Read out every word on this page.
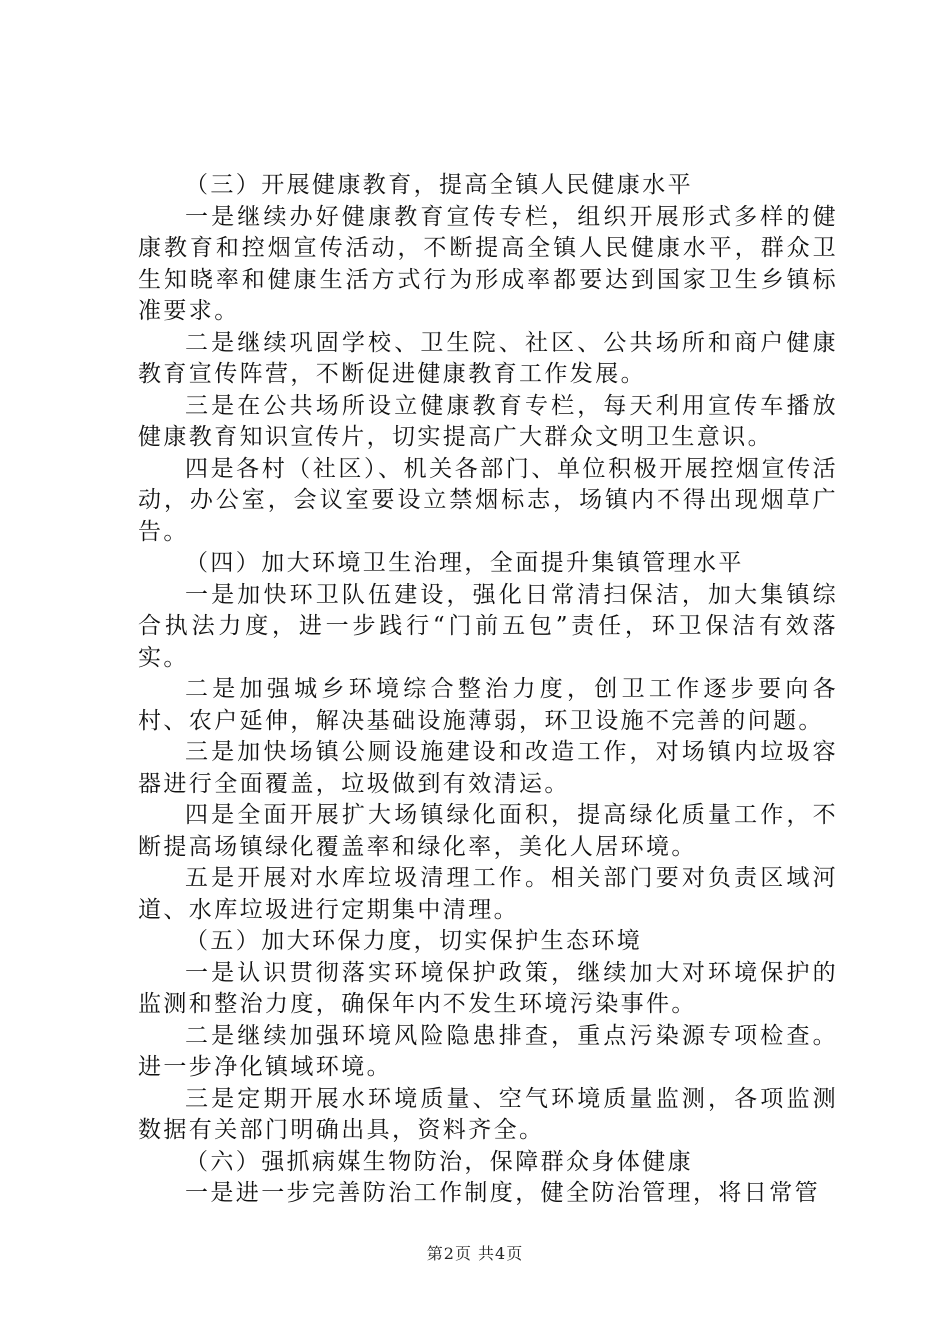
（三）开展健康教育，提高全镇人民健康水平

一是继续办好健康教育宣传专栏，组织开展形式多样的健康教育和控烟宣传活动，不断提高全镇人民健康水平，群众卫生知晓率和健康生活方式行为形成率都要达到国家卫生乡镇标准要求。

二是继续巩固学校、卫生院、社区、公共场所和商户健康教育宣传阵营，不断促进健康教育工作发展。

三是在公共场所设立健康教育专栏，每天利用宣传车播放健康教育知识宣传片，切实提高广大群众文明卫生意识。

四是各村（社区）、机关各部门、单位积极开展控烟宣传活动，办公室，会议室要设立禁烟标志，场镇内不得出现烟草广告。

（四）加大环境卫生治理，全面提升集镇管理水平

一是加快环卫队伍建设，强化日常清扫保洁，加大集镇综合执法力度，进一步践行“门前五包”责任，环卫保洁有效落实。

二是加强城乡环境综合整治力度，创卫工作逐步要向各村、农户延伸，解决基础设施薄弱，环卫设施不完善的问题。

三是加快场镇公厕设施建设和改造工作，对场镇内垃圾容器进行全面覆盖，垃圾做到有效清运。

四是全面开展扩大场镇绿化面积，提高绿化质量工作，不断提高场镇绿化覆盖率和绿化率，美化人居环境。

五是开展对水库垃圾清理工作。相关部门要对负责区域河道、水库垃圾进行定期集中清理。

（五）加大环保力度，切实保护生态环境

一是认识贯彻落实环境保护政策，继续加大对环境保护的监测和整治力度，确保年内不发生环境污染事件。

二是继续加强环境风险隐患排查，重点污染源专项检查。进一步净化镇域环境。

三是定期开展水环境质量、空气环境质量监测，各项监测数据有关部门明确出具，资料齐全。

（六）强抓病媒生物防治，保障群众身体健康

一是进一步完善防治工作制度，健全防治管理，将日常管

第2页 共4页
